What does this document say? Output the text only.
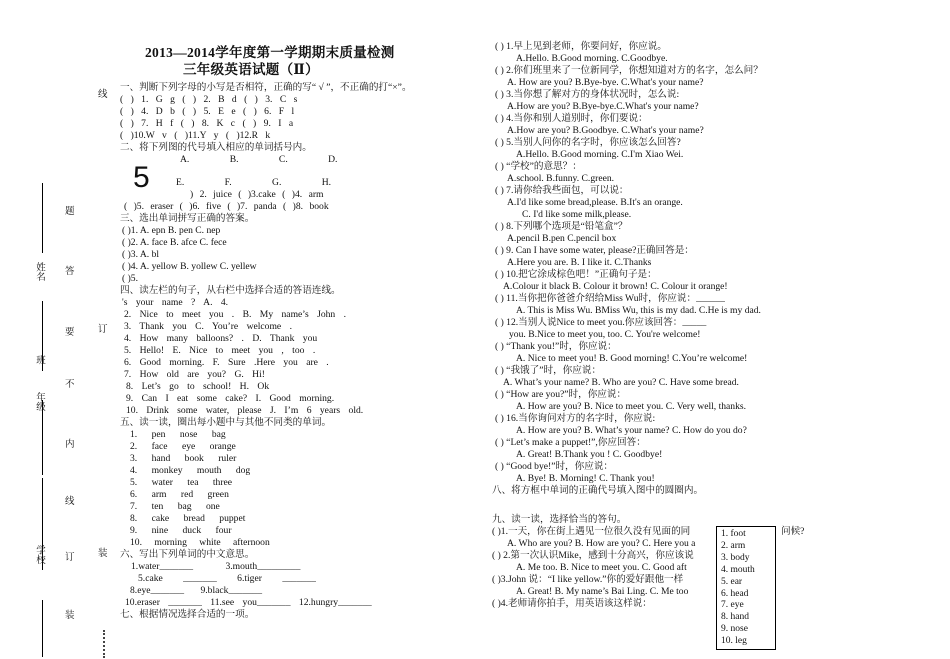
姓名
班
年级
学校
题
答
要
不
内
线
订
装
线
订
装
2013—2014学年度第一学期期末质量检测
三年级英语试题（Ⅱ）
5
一、判断下列字母的小写是否相符，正确的写“ √ ”，不正确的打“×”。
( ) 1. G g ( ) 2. B d ( ) 3. C s
( ) 4. D b ( ) 5. E e ( ) 6. F l
( ) 7. H f ( ) 8. K c ( ) 9. I a
( )10.W v ( )11.Y y ( )12.R k
二、将下列图的代号填入相应的单词括号内。
A. B. C. D.
E. F. G. H.
) 2. juice ( )3.cake ( )4. arm
( )5. eraser ( )6. five ( )7. panda ( )8. book
三、选出单词拼写正确的答案。
( )1. A. epn B. pen C. nep
( )2. A. face B. afce C. fece
( )3. A. bl
( )4. A. yellow B. yollew C. yellew
( )5.
四、读左栏的句子，从右栏中选择合适的答语连线。
's your name ? A. 4.
2. Nice to meet you . B. My name’s John .
3. Thank you C. You’re welcome .
4. How many balloons? . D. Thank you
5. Hello! E. Nice to meet you , too .
6. Good morning. F. Sure .Here you are .
7. How old are you? G. Hi!
8. Let’s go to school! H. Ok
9. Can I eat some cake? I. Good morning.
10. Drink some water, please J. I’m 6 years old.
五、读一读，圈出每小题中与其他不同类的单词。
1. pen nose bag
2. face eye orange
3. hand book ruler
4. monkey mouth dog
5. water tea three
6. arm red green
7. ten bag one
8. cake bread puppet
9. nine duck four
10. morning white afternoon
六、写出下列单词的中文意思。
1.water_______ 3.mouth_________
5.cake _______ 6.tiger _______
8.eye_______ 9.black_______
10.eraser _______ 11.see you_______ 12.hungry_______
七、根据情况选择合适的一项。
( ) 1.早上见到老师，你要问好，你应说。
A.Hello. B.Good morning. C.Goodbye.
( ) 2.你们班里来了一位新同学，你想知道对方的名字，怎么问？
A. How are you? B.Bye-bye. C.What's your name?
( ) 3.当你想了解对方的身体状况时，怎么说:
A.How are you? B.Bye-bye.C.What's your name?
( ) 4.当你和别人道别时，你们要说：
A.How are you? B.Goodbye. C.What's your name?
( ) 5.当别人问你的名字时，你应该怎么回答?
A.Hello. B.Good morning. C.I'm Xiao Wei.
( ) “学校”的意思？：
A.school. B.funny. C.green.
( ) 7.请你给我些面包，可以说：
A.I'd like some bread,please. B.It's an orange.
C. I'd like some milk,please.
( ) 8.下列哪个选项是“铅笔盒”？
A.pencil B.pen C.pencil box
( ) 9. Can I have some water, please?正确回答是：
A.Here you are. B. I like it. C.Thanks
( ) 10.把它涂成棕色吧！”正确句子是：
A.Colour it black B. Colour it brown! C. Colour it orange!
( ) 11.当你把你爸爸介绍给Miss Wu时，你应说：______
A. This is Miss Wu. BMiss Wu, this is my dad. C.He is my dad.
( ) 12.当别人说Nice to meet you.你应该回答：_____
you. B.Nice to meet you, too. C. You're welcome!
( ) “Thank you!”时，你应说：
A. Nice to meet you! B. Good morning! C.You’re welcome!
( ) “我饿了”时，你应说：
A. What’s your name? B. Who are you? C. Have some bread.
( ) “How are you?”时，你应说：
A. How are you? B. Nice to meet you. C. Very well, thanks.
( ) 16.当你询问对方的名字时，你应说:
A. How are you? B. What’s your name? C. How do you do?
( ) “Let’s make a puppet!”,你应回答：
A. Great! B.Thank you ! C. Goodbye!
( ) “Good bye!”时，你应说：
A. Bye! B. Morning! C. Thank you!
八、将方框中单词的正确代号填入图中的圆圈内。
九、读一读，选择恰当的答句。
( )1.一天，你在街上遇见一位很久没有见面的同	问候?
A. Who are you? B. How are you? C. Here you a
( ) 2.第一次认识Mike，感到十分高兴，你应该说
A. Me too. B. Nice to meet you. C. Good aft
( )3.John 说：“I like yellow.”你的爱好跟他一样
A. Great! B. My name’s Bai Ling. C. Me too
( )4.老师请你拍手，用英语该这样说：
1. foot
2. arm
3. body
4. mouth
5. ear
6. head
7. eye
8. hand
9. nose
10. leg
